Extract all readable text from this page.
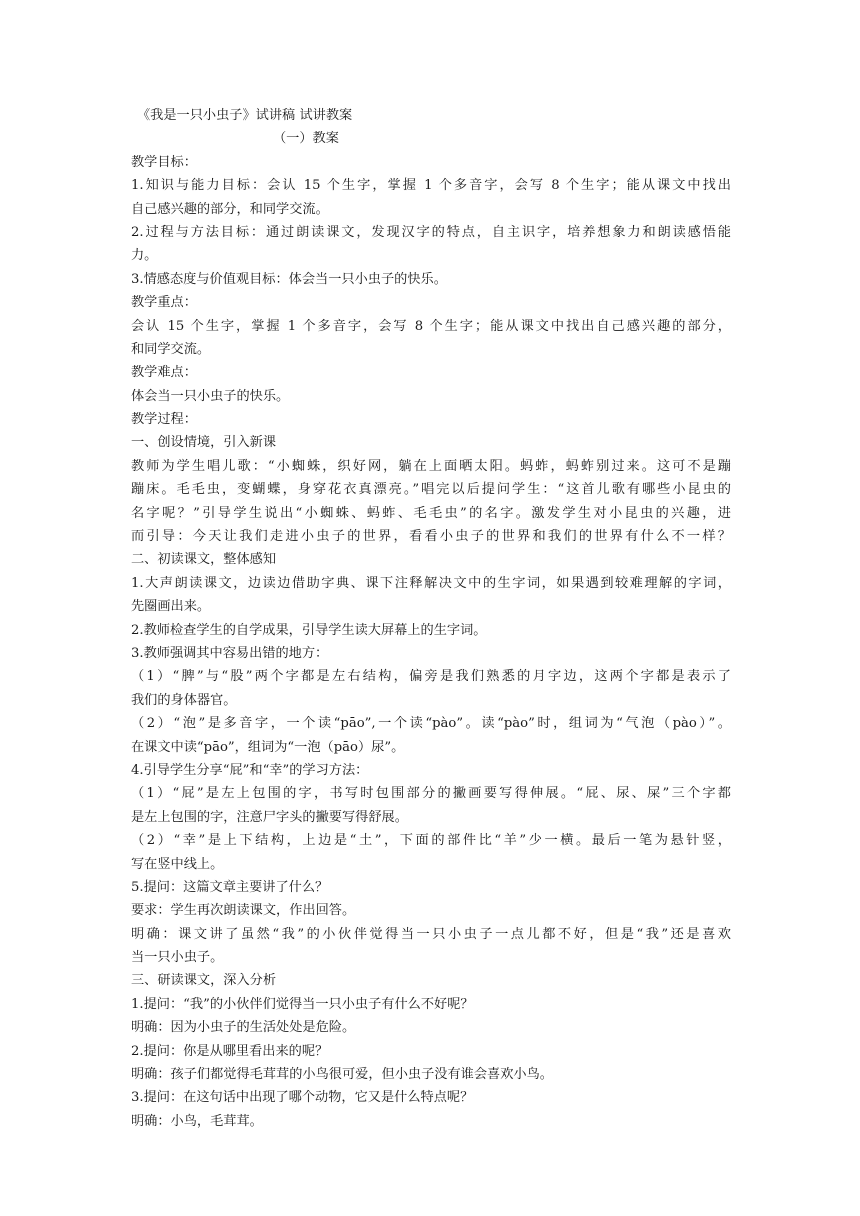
《我是一只小虫子》试讲稿 试讲教案
（一）教案
教学目标：
1.知识与能力目标：会认 15 个生字，掌握 1 个多音字，会写 8 个生字；能从课文中找出
自己感兴趣的部分，和同学交流。
2.过程与方法目标：通过朗读课文，发现汉字的特点，自主识字，培养想象力和朗读感悟能
力。
3.情感态度与价值观目标：体会当一只小虫子的快乐。
教学重点：
会认 15 个生字，掌握 1 个多音字，会写 8 个生字；能从课文中找出自己感兴趣的部分，
和同学交流。
教学难点：
体会当一只小虫子的快乐。
教学过程：
一、创设情境，引入新课
教师为学生唱儿歌：“小蜘蛛，织好网，躺在上面晒太阳。蚂蚱，蚂蚱别过来。这可不是蹦
蹦床。毛毛虫，变蝴蝶，身穿花衣真漂亮。”唱完以后提问学生：“这首儿歌有哪些小昆虫的
名字呢？”引导学生说出“小蜘蛛、蚂蚱、毛毛虫”的名字。激发学生对小昆虫的兴趣，进
而引导：今天让我们走进小虫子的世界，看看小虫子的世界和我们的世界有什么不一样？
二、初读课文，整体感知
1.大声朗读课文，边读边借助字典、课下注释解决文中的生字词，如果遇到较难理解的字词，
先圈画出来。
2.教师检查学生的自学成果，引导学生读大屏幕上的生字词。
3.教师强调其中容易出错的地方：
（1）“脾”与“股”两个字都是左右结构，偏旁是我们熟悉的月字边，这两个字都是表示了
我们的身体器官。
（2）“泡”是多音字，一个读“pāo”,一个读“pào”。读“pào”时，组词为“气泡（pào）”。
在课文中读“pāo”，组词为“一泡（pāo）尿”。
4.引导学生分享“屁”和“幸”的学习方法：
（1）“屁”是左上包围的字，书写时包围部分的撇画要写得伸展。“屁、尿、屎”三个字都
是左上包围的字，注意尸字头的撇要写得舒展。
（2）“幸”是上下结构，上边是“土”，下面的部件比“羊”少一横。最后一笔为悬针竖，
写在竖中线上。
5.提问：这篇文章主要讲了什么？
要求：学生再次朗读课文，作出回答。
明确：课文讲了虽然“我”的小伙伴觉得当一只小虫子一点儿都不好，但是“我”还是喜欢
当一只小虫子。
三、研读课文，深入分析
1.提问：“我”的小伙伴们觉得当一只小虫子有什么不好呢？
明确：因为小虫子的生活处处是危险。
2.提问：你是从哪里看出来的呢？
明确：孩子们都觉得毛茸茸的小鸟很可爱，但小虫子没有谁会喜欢小鸟。
3.提问：在这句话中出现了哪个动物，它又是什么特点呢？
明确：小鸟，毛茸茸。
